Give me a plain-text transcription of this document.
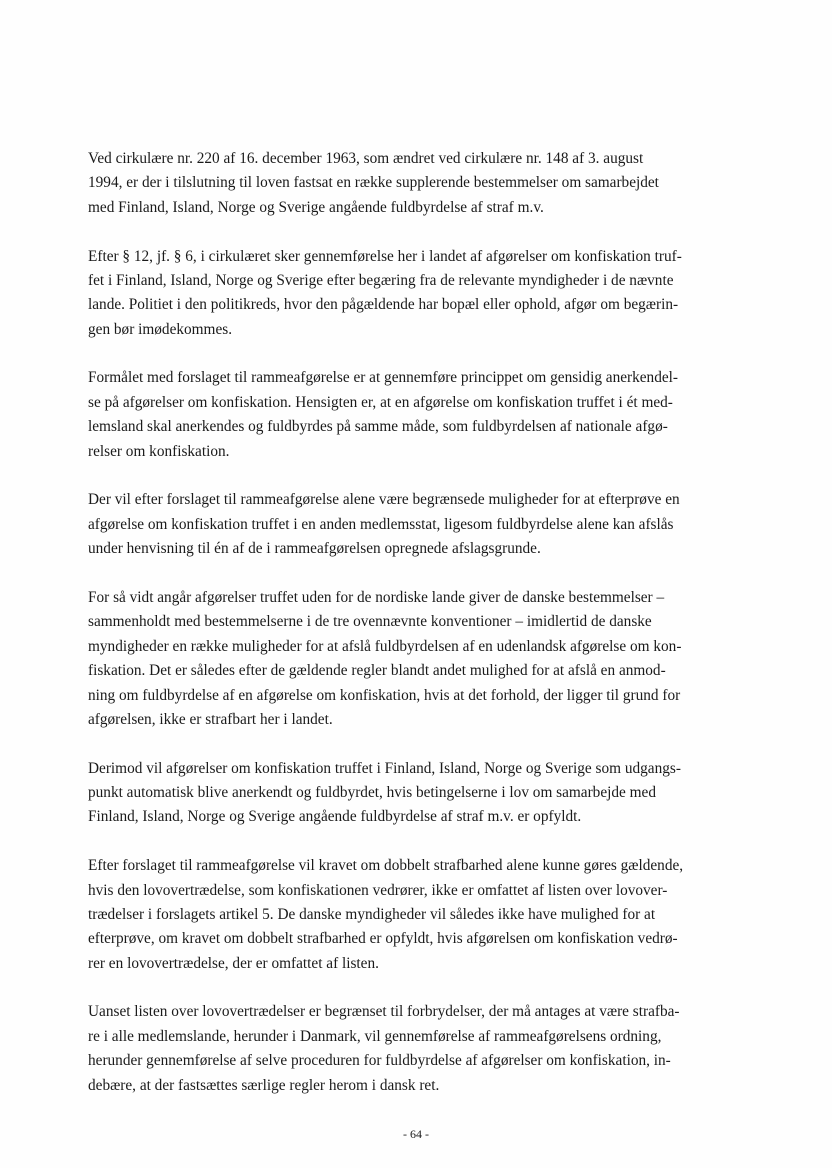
Ved cirkulære nr. 220 af 16. december 1963, som ændret ved cirkulære nr. 148 af 3. august
1994, er der i tilslutning til loven fastsat en række supplerende bestemmelser om samarbejdet
med Finland, Island, Norge og Sverige angående fuldbyrdelse af straf m.v.

Efter § 12, jf. § 6, i cirkulæret sker gennemførelse her i landet af afgørelser om konfiskation truf-
fet i Finland, Island, Norge og Sverige efter begæring fra de relevante myndigheder i de nævnte
lande. Politiet i den politikreds, hvor den pågældende har bopæl eller ophold, afgør om begærin-
gen bør imødekommes.

Formålet med forslaget til rammeafgørelse er at gennemføre princippet om gensidig anerkendel-
se på afgørelser om konfiskation. Hensigten er, at en afgørelse om konfiskation truffet i ét med-
lemsland skal anerkendes og fuldbyrdes på samme måde, som fuldbyrdelsen af nationale afgø-
relser om konfiskation.

Der vil efter forslaget til rammeafgørelse alene være begrænsede muligheder for at efterprøve en
afgørelse om konfiskation truffet i en anden medlemsstat, ligesom fuldbyrdelse alene kan afslås
under henvisning til én af de i rammeafgørelsen opregnede afslagsgrunde.

For så vidt angår afgørelser truffet uden for de nordiske lande giver de danske bestemmelser –
sammenholdt med bestemmelserne i de tre ovennævnte konventioner – imidlertid de danske
myndigheder en række muligheder for at afslå fuldbyrdelsen af en udenlandsk afgørelse om kon-
fiskation. Det er således efter de gældende regler blandt andet mulighed for at afslå en anmod-
ning om fuldbyrdelse af en afgørelse om konfiskation, hvis at det forhold, der ligger til grund for
afgørelsen, ikke er strafbart her i landet.

Derimod vil afgørelser om konfiskation truffet i Finland, Island, Norge og Sverige som udgangs-
punkt automatisk blive anerkendt og fuldbyrdet, hvis betingelserne i lov om samarbejde med
Finland, Island, Norge og Sverige angående fuldbyrdelse af straf m.v. er opfyldt.

Efter forslaget til rammeafgørelse vil kravet om dobbelt strafbarhed alene kunne gøres gældende,
hvis den lovovertrædelse, som konfiskationen vedrører, ikke er omfattet af listen over lovover-
trædelser i forslagets artikel 5. De danske myndigheder vil således ikke have mulighed for at
efterprøve, om kravet om dobbelt strafbarhed er opfyldt, hvis afgørelsen om konfiskation vedrø-
rer en lovovertrædelse, der er omfattet af listen.

Uanset listen over lovovertrædelser er begrænset til forbrydelser, der må antages at være strafba-
re i alle medlemslande, herunder i Danmark, vil gennemførelse af rammeafgørelsens ordning,
herunder gennemførelse af selve proceduren for fuldbyrdelse af afgørelser om konfiskation, in-
debære, at der fastsættes særlige regler herom i dansk ret.

- 64 -
